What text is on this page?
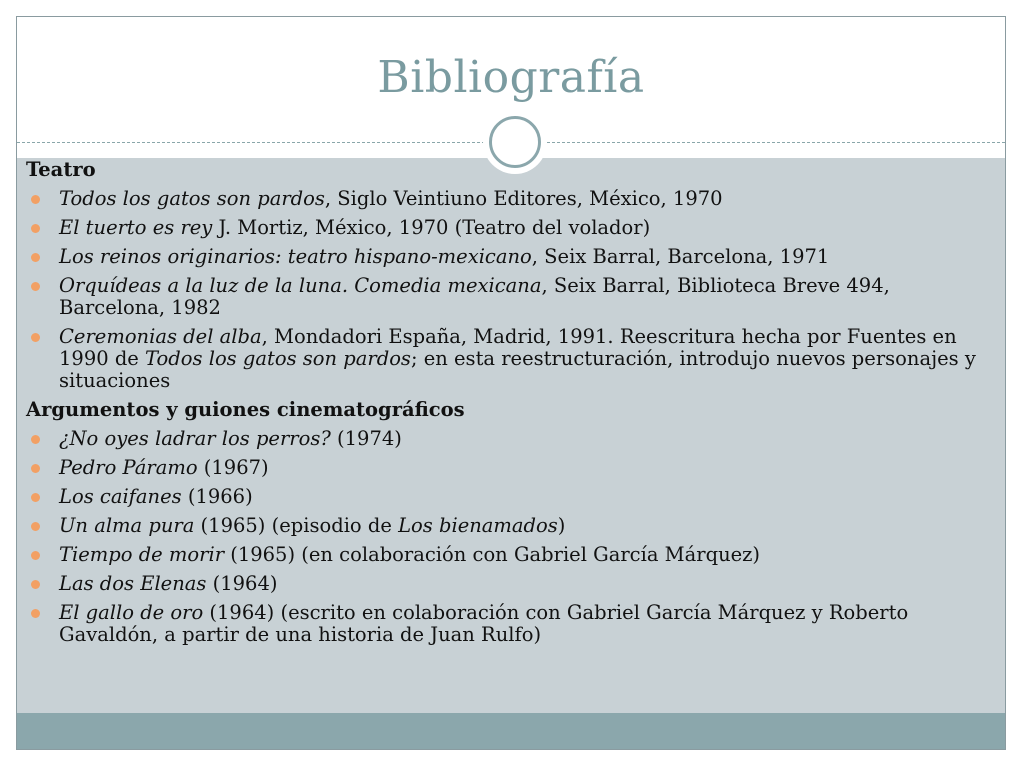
Bibliografía
Teatro
Todos los gatos son pardos, Siglo Veintiuno Editores, México, 1970
El tuerto es rey J. Mortiz, México, 1970 (Teatro del volador)
Los reinos originarios: teatro hispano-mexicano, Seix Barral, Barcelona, 1971
Orquídeas a la luz de la luna. Comedia mexicana, Seix Barral, Biblioteca Breve 494, Barcelona, 1982
Ceremonias del alba, Mondadori España, Madrid, 1991. Reescritura hecha por Fuentes en 1990 de Todos los gatos son pardos; en esta reestructuración, introdujo nuevos personajes y situaciones
Argumentos y guiones cinematográficos
¿No oyes ladrar los perros? (1974)
Pedro Páramo (1967)
Los caifanes (1966)
Un alma pura (1965) (episodio de Los bienamados)
Tiempo de morir (1965) (en colaboración con Gabriel García Márquez)
Las dos Elenas (1964)
El gallo de oro (1964) (escrito en colaboración con Gabriel García Márquez y Roberto Gavaldón, a partir de una historia de Juan Rulfo)
